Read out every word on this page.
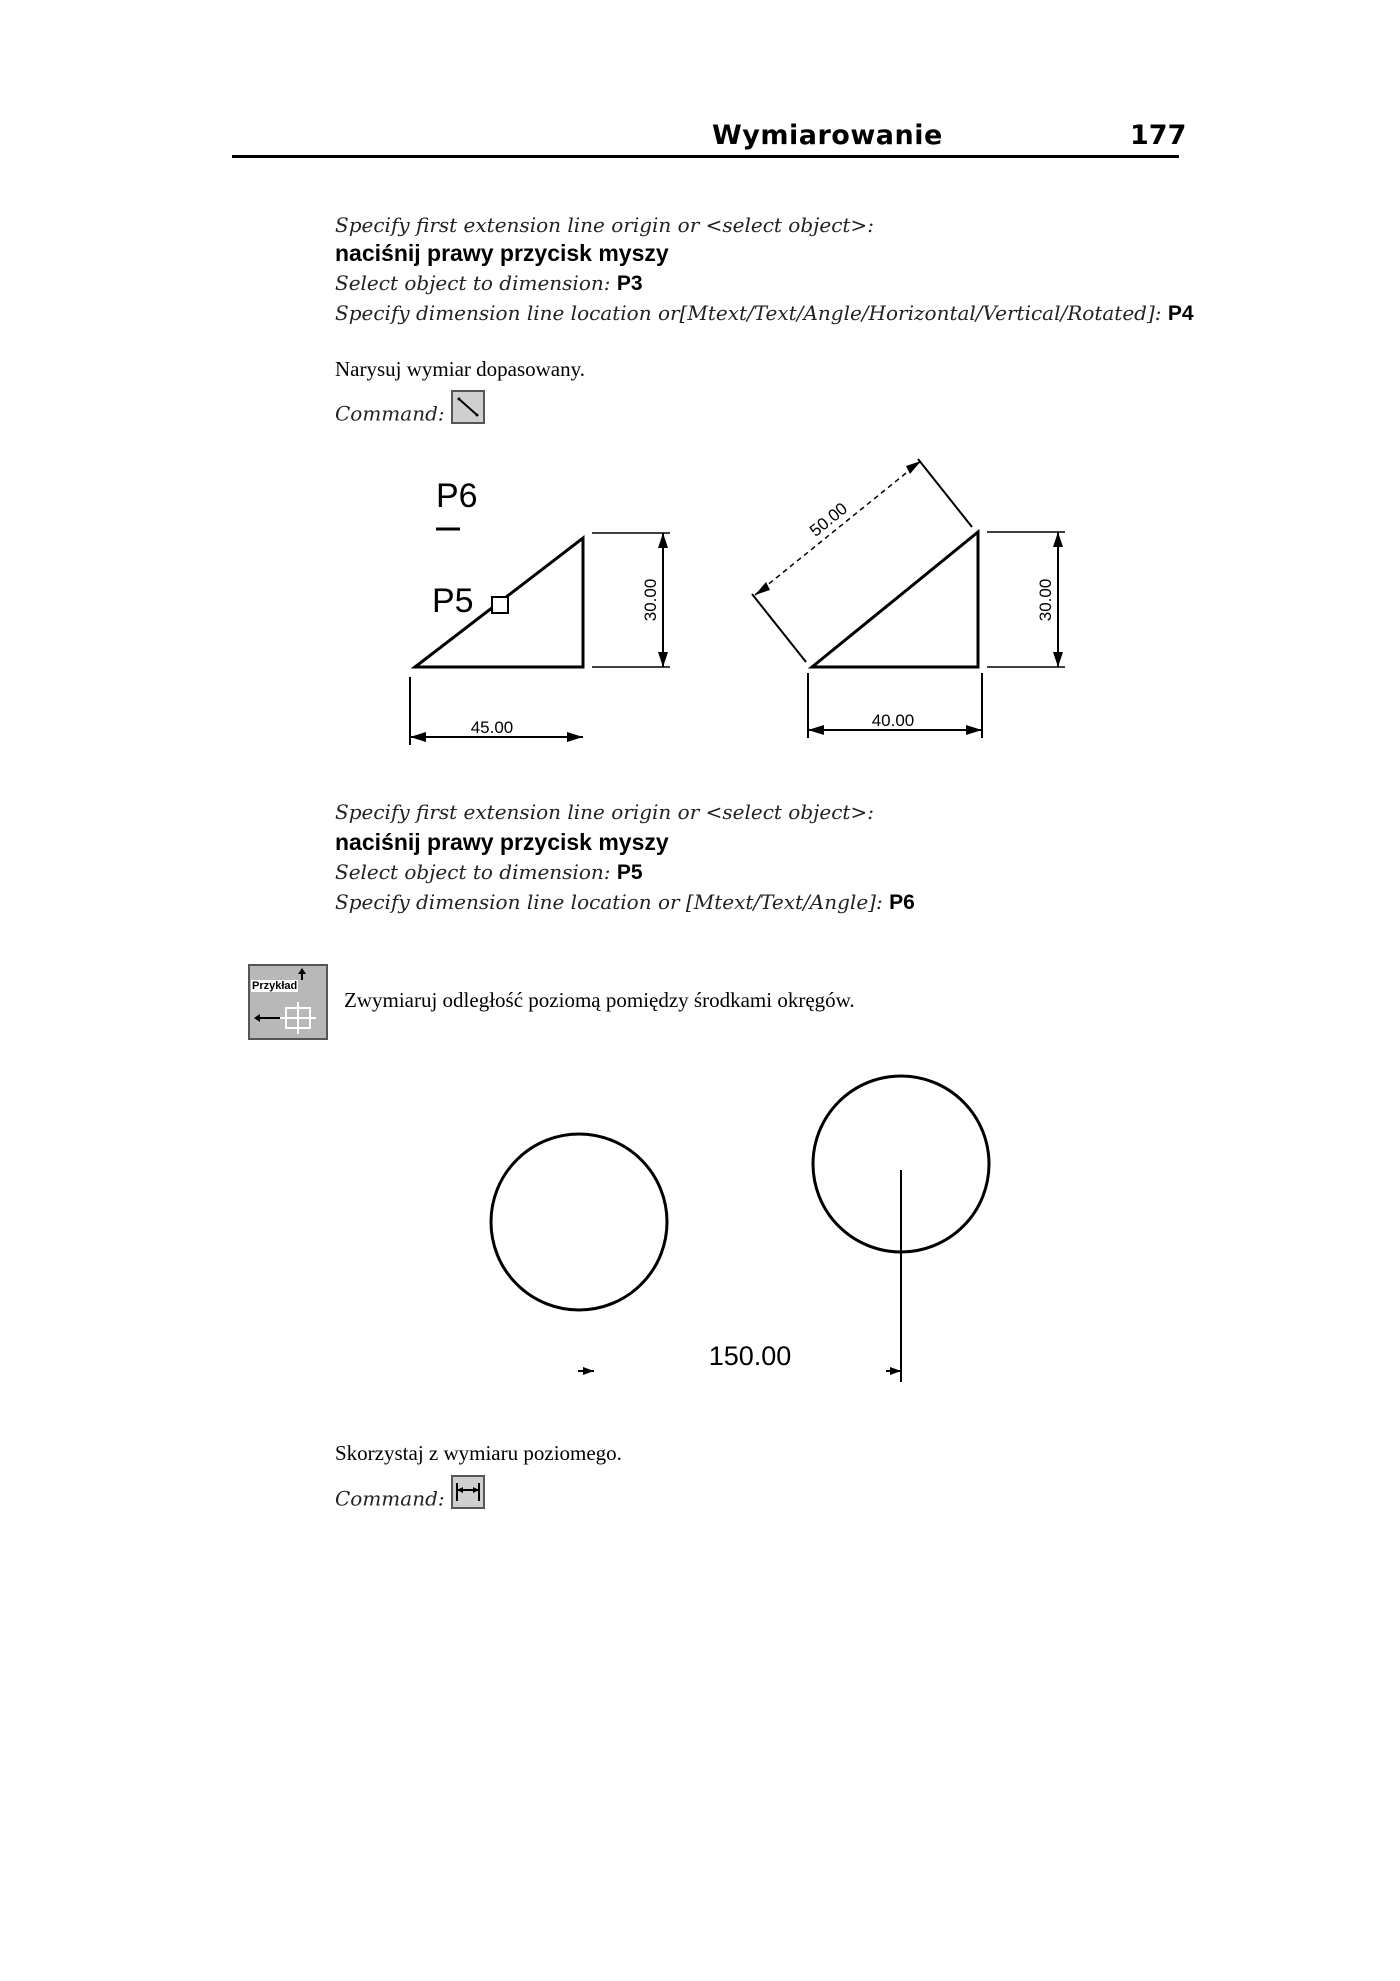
Wymiarowanie	177
Specify first extension line origin or <select object>:
naciśnij prawy przycisk myszy
Select object to dimension: P3
Specify dimension line location or[Mtext/Text/Angle/Horizontal/Vertical/Rotated]: P4
Narysuj wymiar dopasowany.
Command:
P6
P5	30.00
45.00
50.00
30.00
40.00
Specify first extension line origin or <select object>:
naciśnij prawy przycisk myszy
Select object to dimension: P5
Specify dimension line location or [Mtext/Text/Angle]: P6
Przykład
Zwymiaruj odległość poziomą pomiędzy środkami okręgów.
150.00
Skorzystaj z wymiaru poziomego.
Command:
